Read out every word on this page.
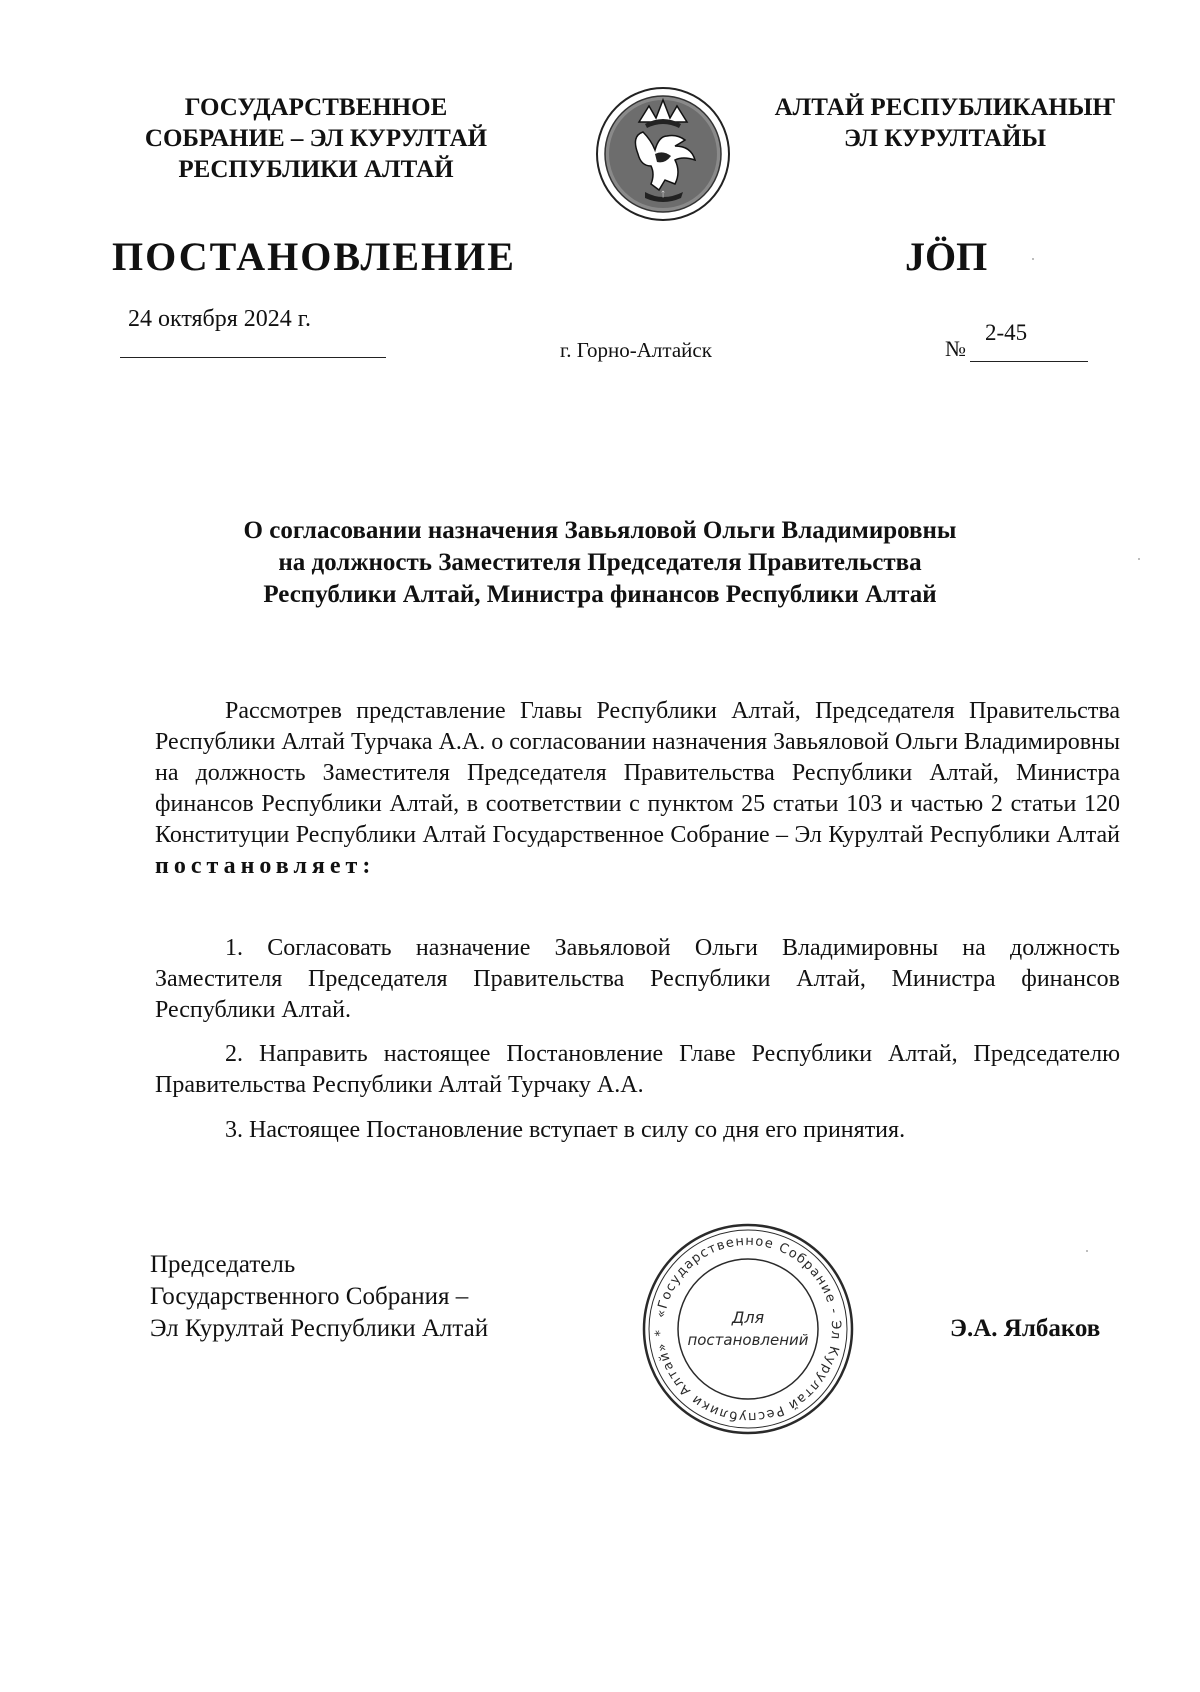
ГОСУДАРСТВЕННОЕ
СОБРАНИЕ – ЭЛ КУРУЛТАЙ
РЕСПУБЛИКИ АЛТАЙ
ᛏ
АЛТАЙ РЕСПУБЛИКАНЫҤ
ЭЛ КУРУЛТАЙЫ
ПОСТАНОВЛЕНИЕ	JÖП
24 октября 2024 г.
г. Горно-Алтайск	№
2-45
О согласовании назначения Завьяловой Ольги Владимировны
на должность Заместителя Председателя Правительства
Республики Алтай, Министра финансов Республики Алтай
Рассмотрев представление Главы Республики Алтай, Председателя Правительства Республики Алтай Турчака А.А. о согласовании назначения Завьяловой Ольги Владимировны на должность Заместителя Председателя Правительства Республики Алтай, Министра финансов Республики Алтай, в соответствии с пунктом 25 статьи 103 и частью 2 статьи 120 Конституции Республики Алтай Государственное Собрание – Эл Курултай Республики Алтай постановляет:
1. Согласовать назначение Завьяловой Ольги Владимировны на должность Заместителя Председателя Правительства Республики Алтай, Министра финансов Республики Алтай.
2. Направить настоящее Постановление Главе Республики Алтай, Председателю Правительства Республики Алтай Турчаку А.А.
3. Настоящее Постановление вступает в силу со дня его принятия.
Председатель
Государственного Собрания –
Эл Курултай Республики Алтай
«Государственное Собрание - Эл Курултай Республики Алтай» *
Для
постановлений	Э.А. Ялбаков
